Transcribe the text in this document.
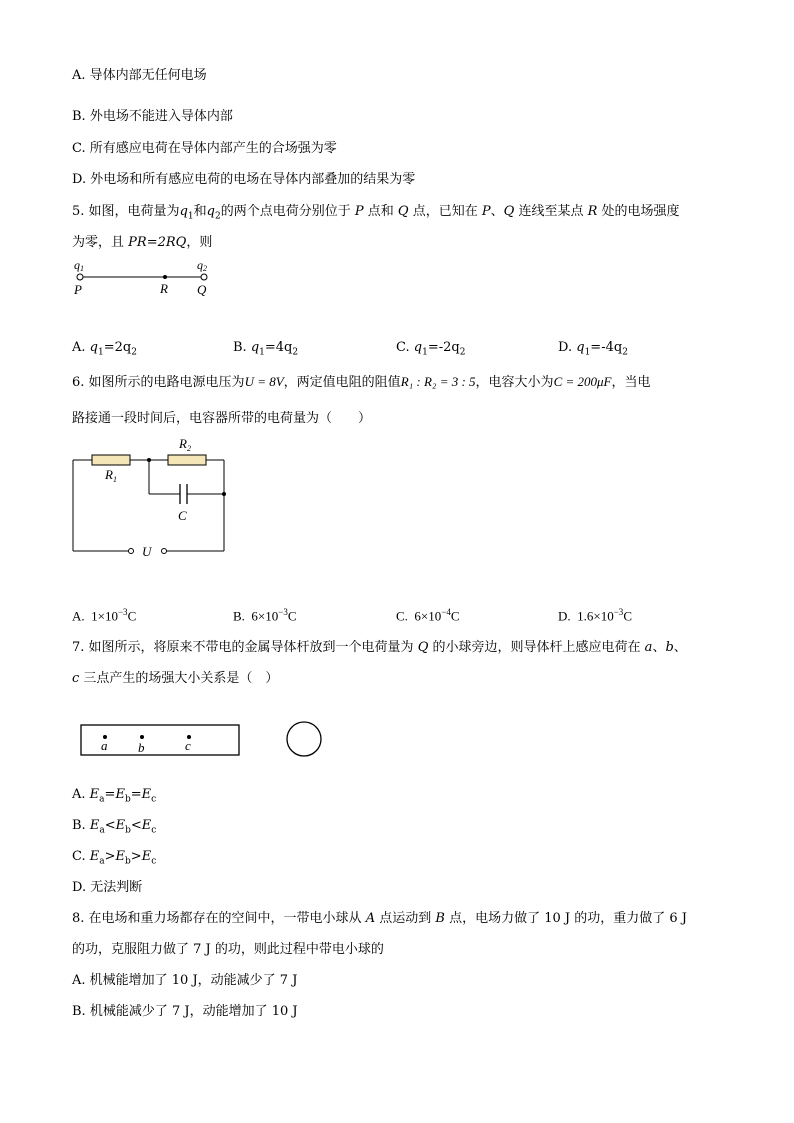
A. 导体内部无任何电场
B. 外电场不能进入导体内部
C. 所有感应电荷在导体内部产生的合场强为零
D. 外电场和所有感应电荷的电场在导体内部叠加的结果为零
5. 如图，电荷量为$q_1$和$q_2$的两个点电荷分别位于 P 点和 Q 点，已知在 P、Q 连线至某点 R 处的电场强度
为零，且 PR=2RQ，则
q1	q2
P	R Q
A. $q_1=2q_2$	B. $q_1=4q_2$	C. $q_1=-2q_2$	D. $q_1=-4q_2$
6. 如图所示的电路电源电压为U = 8V，两定值电阻的阻值R₁ : R₂ = 3 : 5，电容大小为C = 200μF，当电
路接通一段时间后，电容器所带的电荷量为（　　）
$R_1$
$R_2$
C
U
A. $1\times 10^{-3}C$	B. $6\times 10^{-3}C$	C. $6\times 10^{-4}C$	D. $1.6\times 10^{-3}C$
7. 如图所示，将原来不带电的金属导体杆放到一个电荷量为 Q 的小球旁边，则导体杆上感应电荷在 a、b、
c 三点产生的场强大小关系是（　）
a b	c
A. $E_a=E_b=E_c$
B. $E_a<E_b<E_c$
C. $E_a>E_b>E_c$
D. 无法判断
8. 在电场和重力场都存在的空间中，一带电小球从 A 点运动到 B 点，电场力做了 10 J 的功，重力做了 6 J
的功，克服阻力做了 7 J 的功，则此过程中带电小球的
A. 机械能增加了 10 J，动能减少了 7 J
B. 机械能减少了 7 J，动能增加了 10 J
